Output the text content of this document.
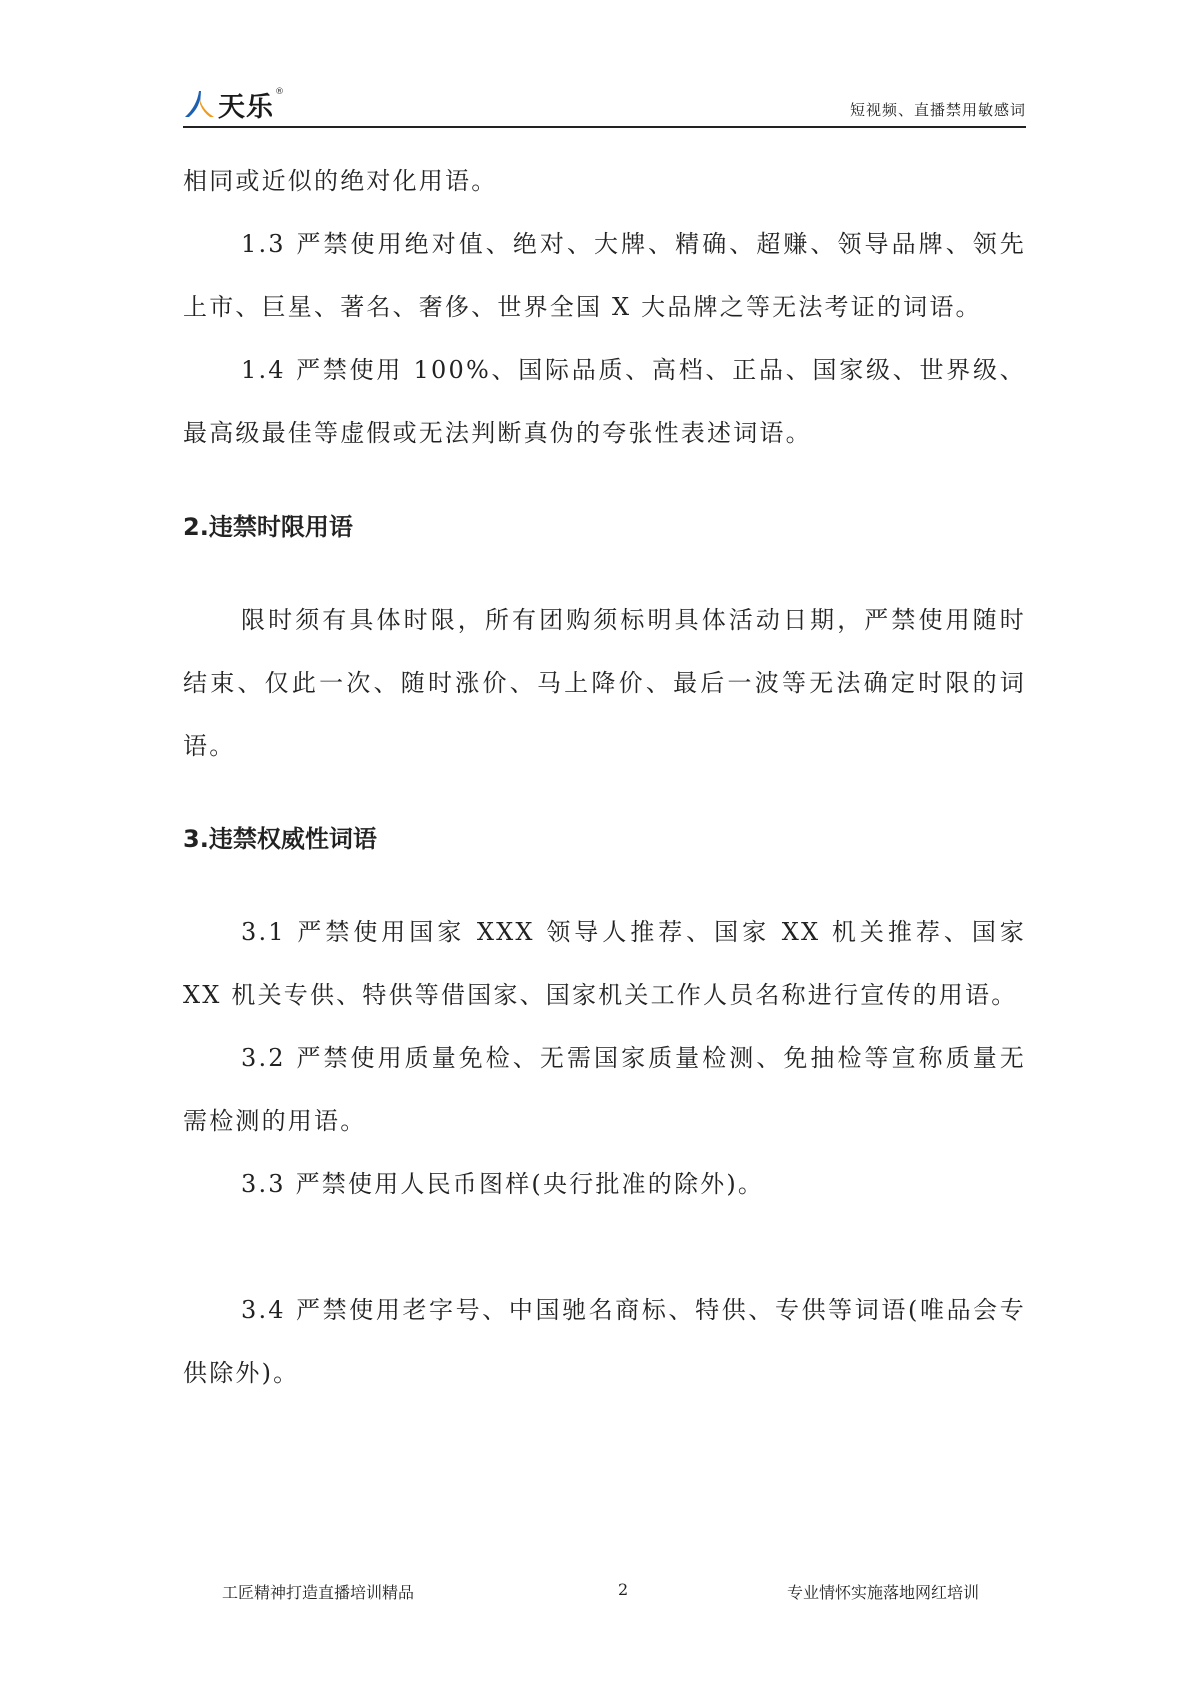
天乐 ®
短视频、直播禁用敏感词

相同或近似的绝对化用语。

1.3 严禁使用绝对值、绝对、大牌、精确、超赚、领导品牌、领先上市、巨星、著名、奢侈、世界全国 X 大品牌之等无法考证的词语。

1.4 严禁使用 100%、国际品质、高档、正品、国家级、世界级、最高级最佳等虚假或无法判断真伪的夸张性表述词语。

2.违禁时限用语

限时须有具体时限，所有团购须标明具体活动日期，严禁使用随时结束、仅此一次、随时涨价、马上降价、最后一波等无法确定时限的词语。

3.违禁权威性词语

3.1 严禁使用国家 XXX 领导人推荐、国家 XX 机关推荐、国家 XX 机关专供、特供等借国家、国家机关工作人员名称进行宣传的用语。

3.2 严禁使用质量免检、无需国家质量检测、免抽检等宣称质量无需检测的用语。

3.3 严禁使用人民币图样(央行批准的除外)。

3.4 严禁使用老字号、中国驰名商标、特供、专供等词语(唯品会专供除外)。

工匠精神打造直播培训精品	2	专业情怀实施落地网红培训
